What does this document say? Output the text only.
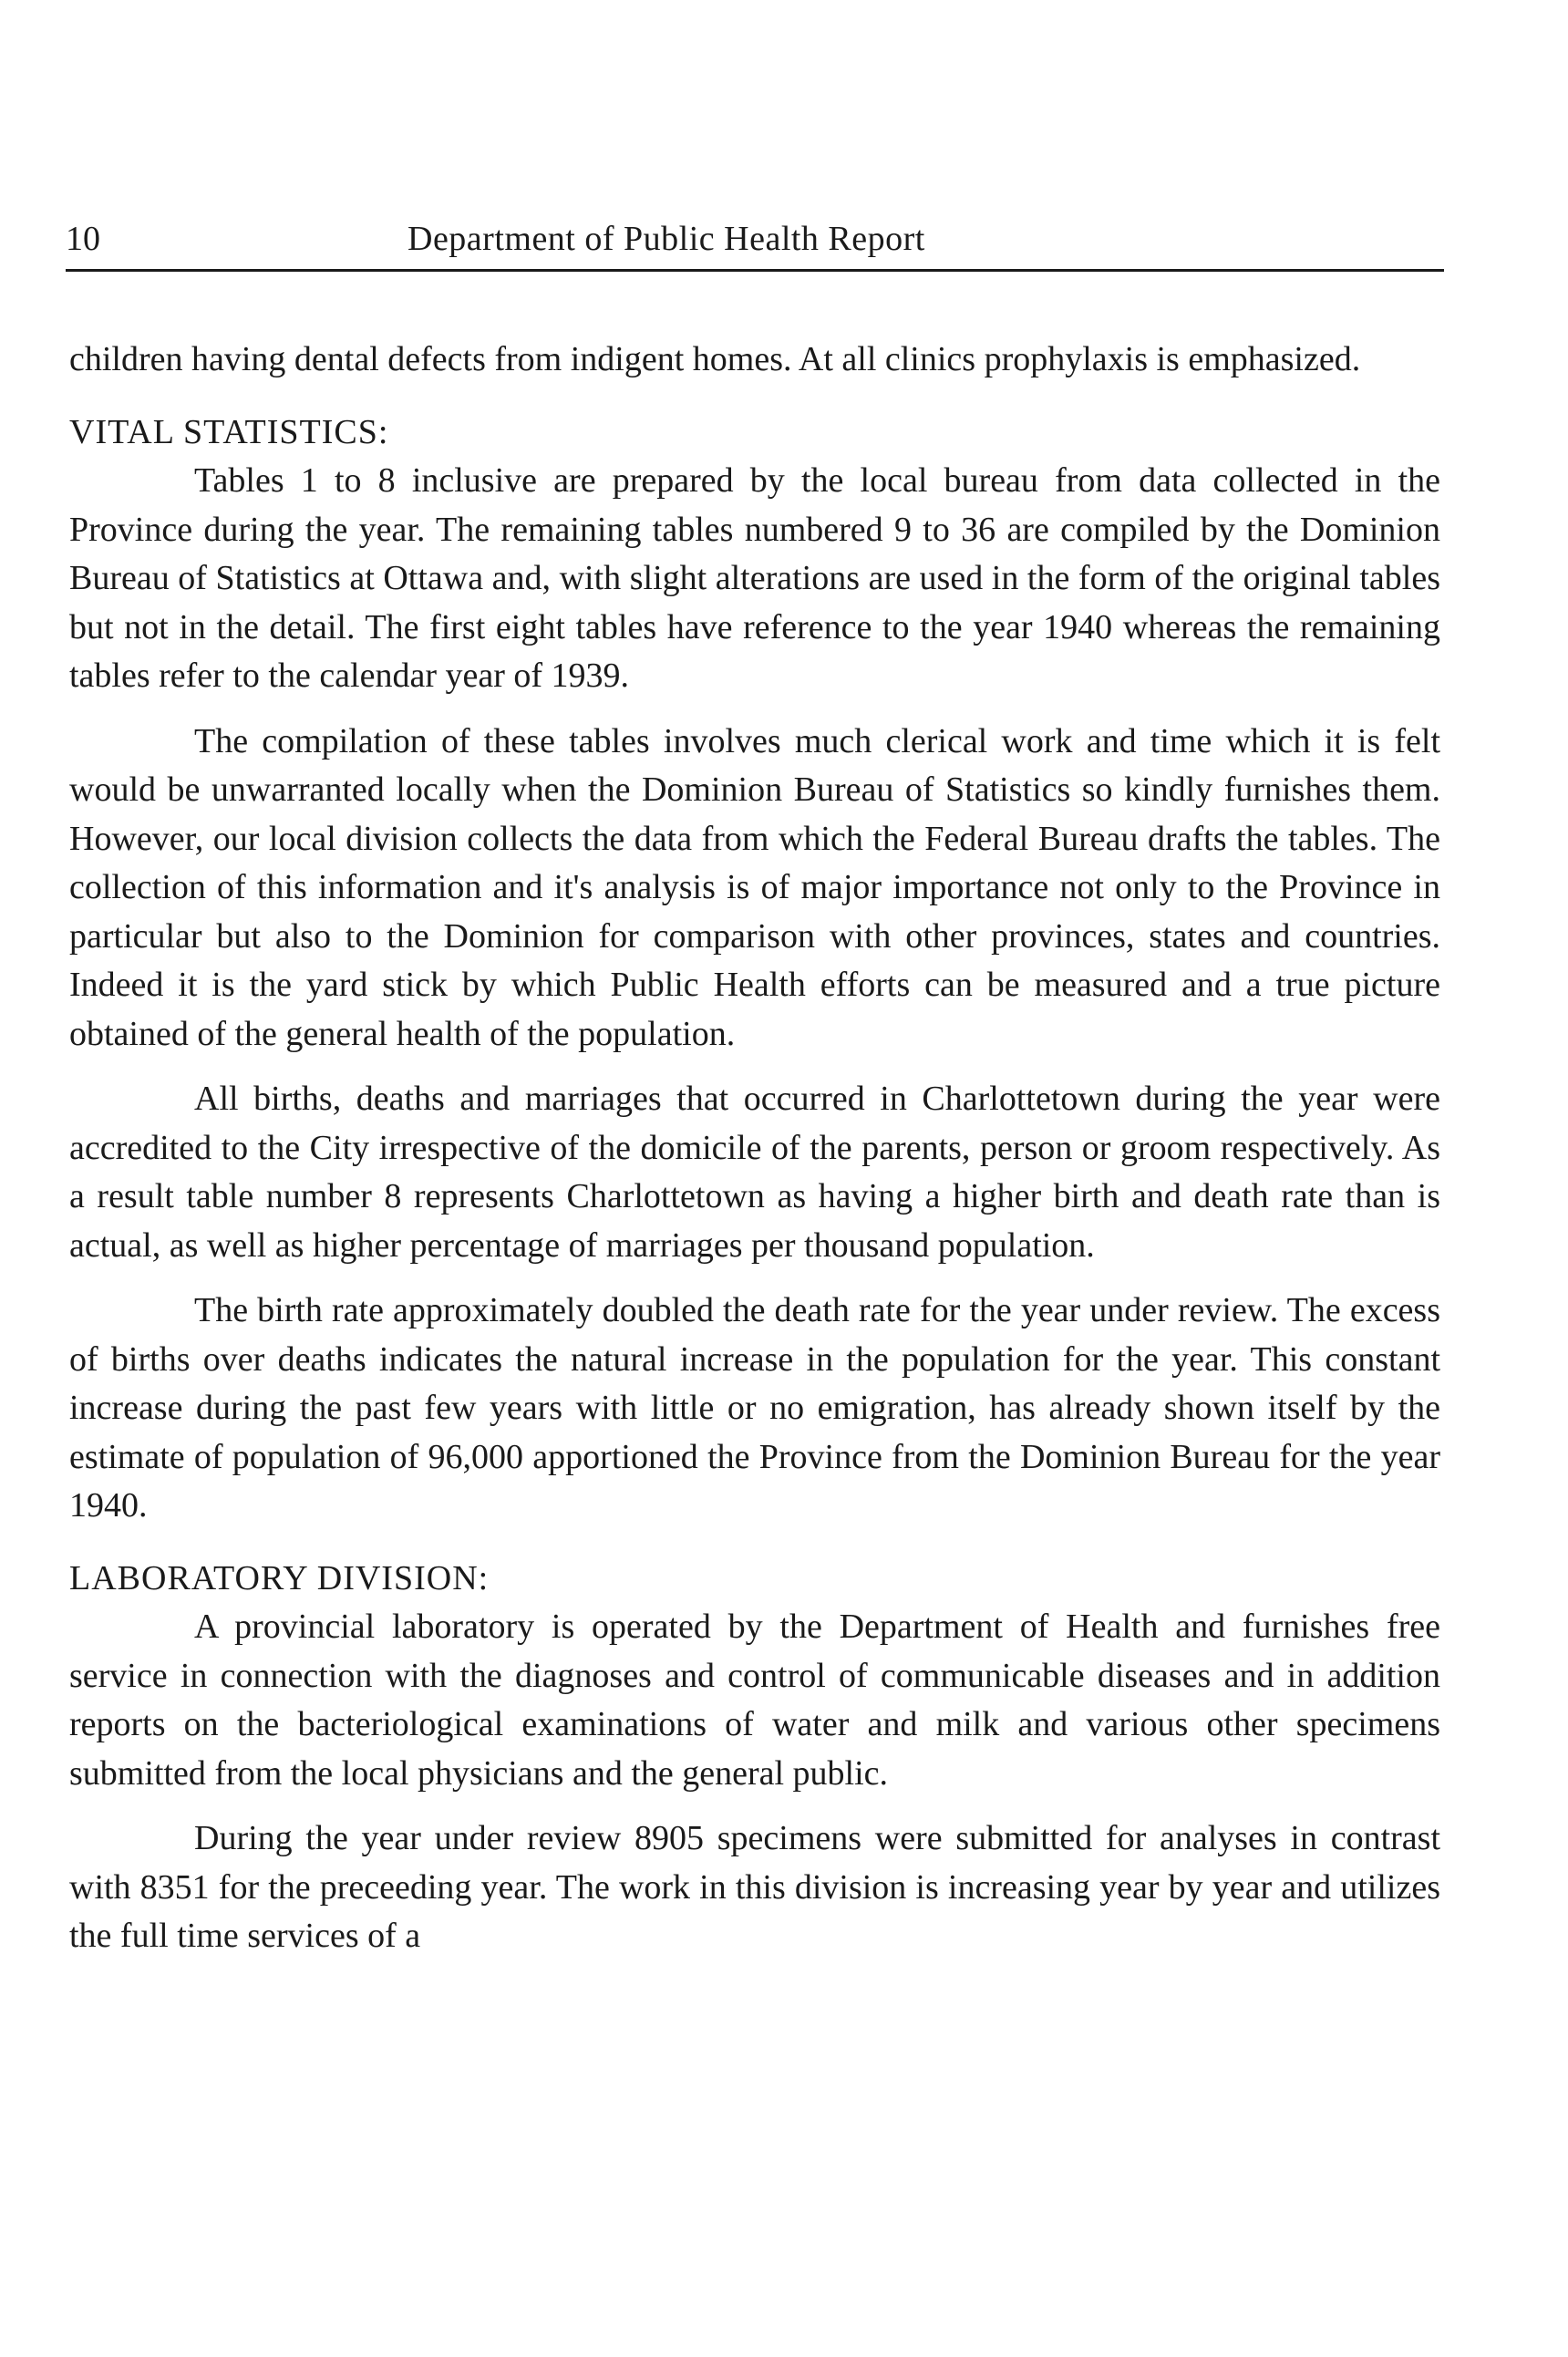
10	Department of Public Health Report

children having dental defects from indigent homes. At all clinics prophylaxis is emphasized.

VITAL STATISTICS:

Tables 1 to 8 inclusive are prepared by the local bureau from data collected in the Province during the year. The remaining tables numbered 9 to 36 are compiled by the Dominion Bureau of Statistics at Ottawa and, with slight alterations are used in the form of the original tables but not in the detail. The first eight tables have reference to the year 1940 whereas the remaining tables refer to the calendar year of 1939.

The compilation of these tables involves much clerical work and time which it is felt would be unwarranted locally when the Dominion Bureau of Statistics so kindly furnishes them. However, our local division collects the data from which the Federal Bureau drafts the tables. The collection of this information and it's analysis is of major importance not only to the Province in particular but also to the Dominion for comparison with other provinces, states and countries. Indeed it is the yard stick by which Public Health efforts can be measured and a true picture obtained of the general health of the population.

All births, deaths and marriages that occurred in Charlottetown during the year were accredited to the City irrespective of the domicile of the parents, person or groom respectively. As a result table number 8 represents Charlottetown as having a higher birth and death rate than is actual, as well as higher percentage of marriages per thousand population.

The birth rate approximately doubled the death rate for the year under review. The excess of births over deaths indicates the natural increase in the population for the year. This constant increase during the past few years with little or no emigration, has already shown itself by the estimate of population of 96,000 apportioned the Province from the Dominion Bureau for the year 1940.

LABORATORY DIVISION:

A provincial laboratory is operated by the Department of Health and furnishes free service in connection with the diagnoses and control of communicable diseases and in addition reports on the bacteriological examinations of water and milk and various other specimens submitted from the local physicians and the general public.

During the year under review 8905 specimens were submitted for analyses in contrast with 8351 for the preceeding year. The work in this division is increasing year by year and utilizes the full time services of a
